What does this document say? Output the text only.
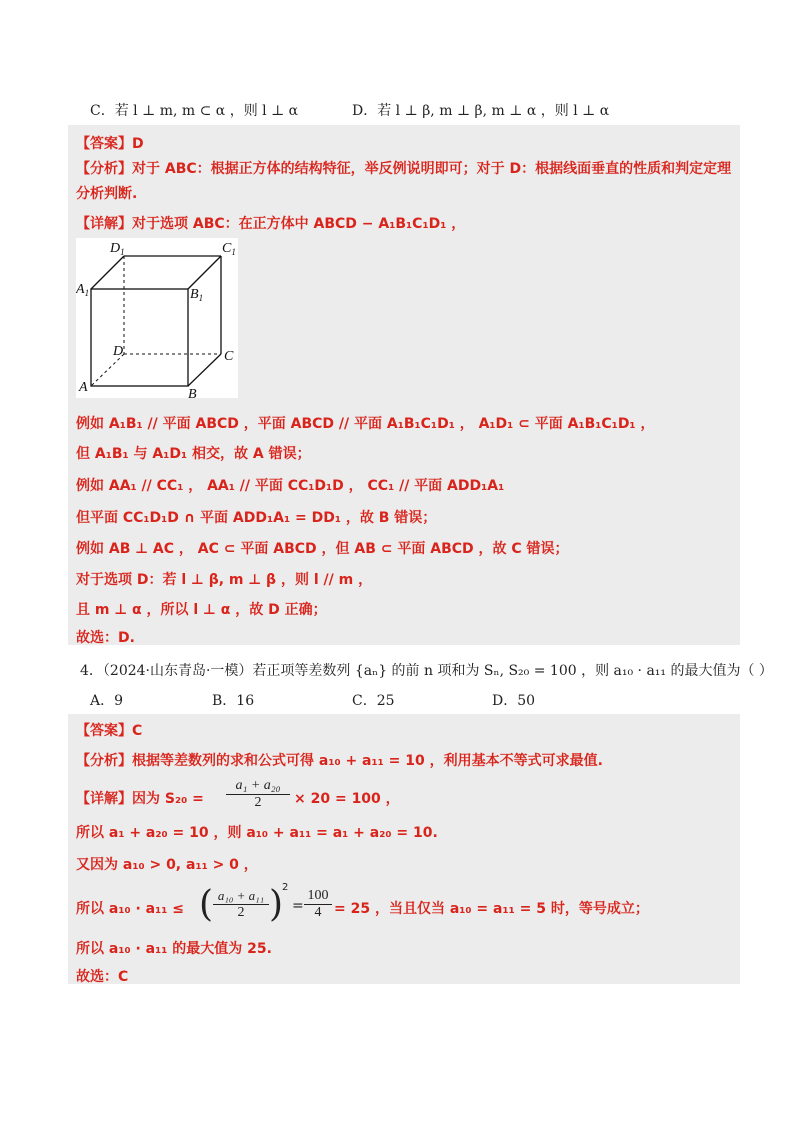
C．若 l ⊥ m, m ⊂ α ，则 l ⊥ α	D．若 l ⊥ β, m ⊥ β, m ⊥ α ，则 l ⊥ α
【答案】D
【分析】对于 ABC：根据正方体的结构特征，举反例说明即可；对于 D：根据线面垂直的性质和判定定理
分析判断.
【详解】对于选项 ABC：在正方体中 ABCD − A₁B₁C₁D₁ ，
例如 A₁B₁ // 平面 ABCD ，平面 ABCD // 平面 A₁B₁C₁D₁ ， A₁D₁ ⊂ 平面 A₁B₁C₁D₁ ，
但 A₁B₁ 与 A₁D₁ 相交，故 A 错误；
例如 AA₁ // CC₁ ， AA₁ // 平面 CC₁D₁D ， CC₁ // 平面 ADD₁A₁
但平面 CC₁D₁D ∩ 平面 ADD₁A₁ = DD₁ ，故 B 错误；
例如 AB ⊥ AC ， AC ⊂ 平面 ABCD ，但 AB ⊂ 平面 ABCD ，故 C 错误；
对于选项 D：若 l ⊥ β, m ⊥ β ，则 l // m ，
且 m ⊥ α ，所以 l ⊥ α ，故 D 正确；
故选：D.
$D_1$	$C_1$
$A_1$	$B_1$
D	C
A	B
4．（2024·山东青岛·一模）若正项等差数列 {aₙ} 的前 n 项和为 Sₙ, S₂₀ = 100 ，则 a₁₀ · a₁₁ 的最大值为（ ）
A．9	B．16	C．25	D．50
【答案】C
【分析】根据等差数列的求和公式可得 a₁₀ + a₁₁ = 10 ，利用基本不等式可求最值.
【详解】因为 $S_{20} = \frac{\text{a₁ + a₂₀}}{2} \times 20 = 100$ ，
所以 a₁ + a₂₀ = 10 ，则 a₁₀ + a₁₁ = a₁ + a₂₀ = 10.
又因为 a₁₀ > 0, a₁₁ > 0 ，
所以 a₁₀ · a₁₁ ≤ ( $\frac{\text{a₁₀ + a₁₁}}{2}$ )
2
= $\frac{100}{4} = 25$ ，当且仅当 a₁₀ = a₁₁ = 5 时，等号成立；
所以 a₁₀ · a₁₁ 的最大值为 25.
故选：C
